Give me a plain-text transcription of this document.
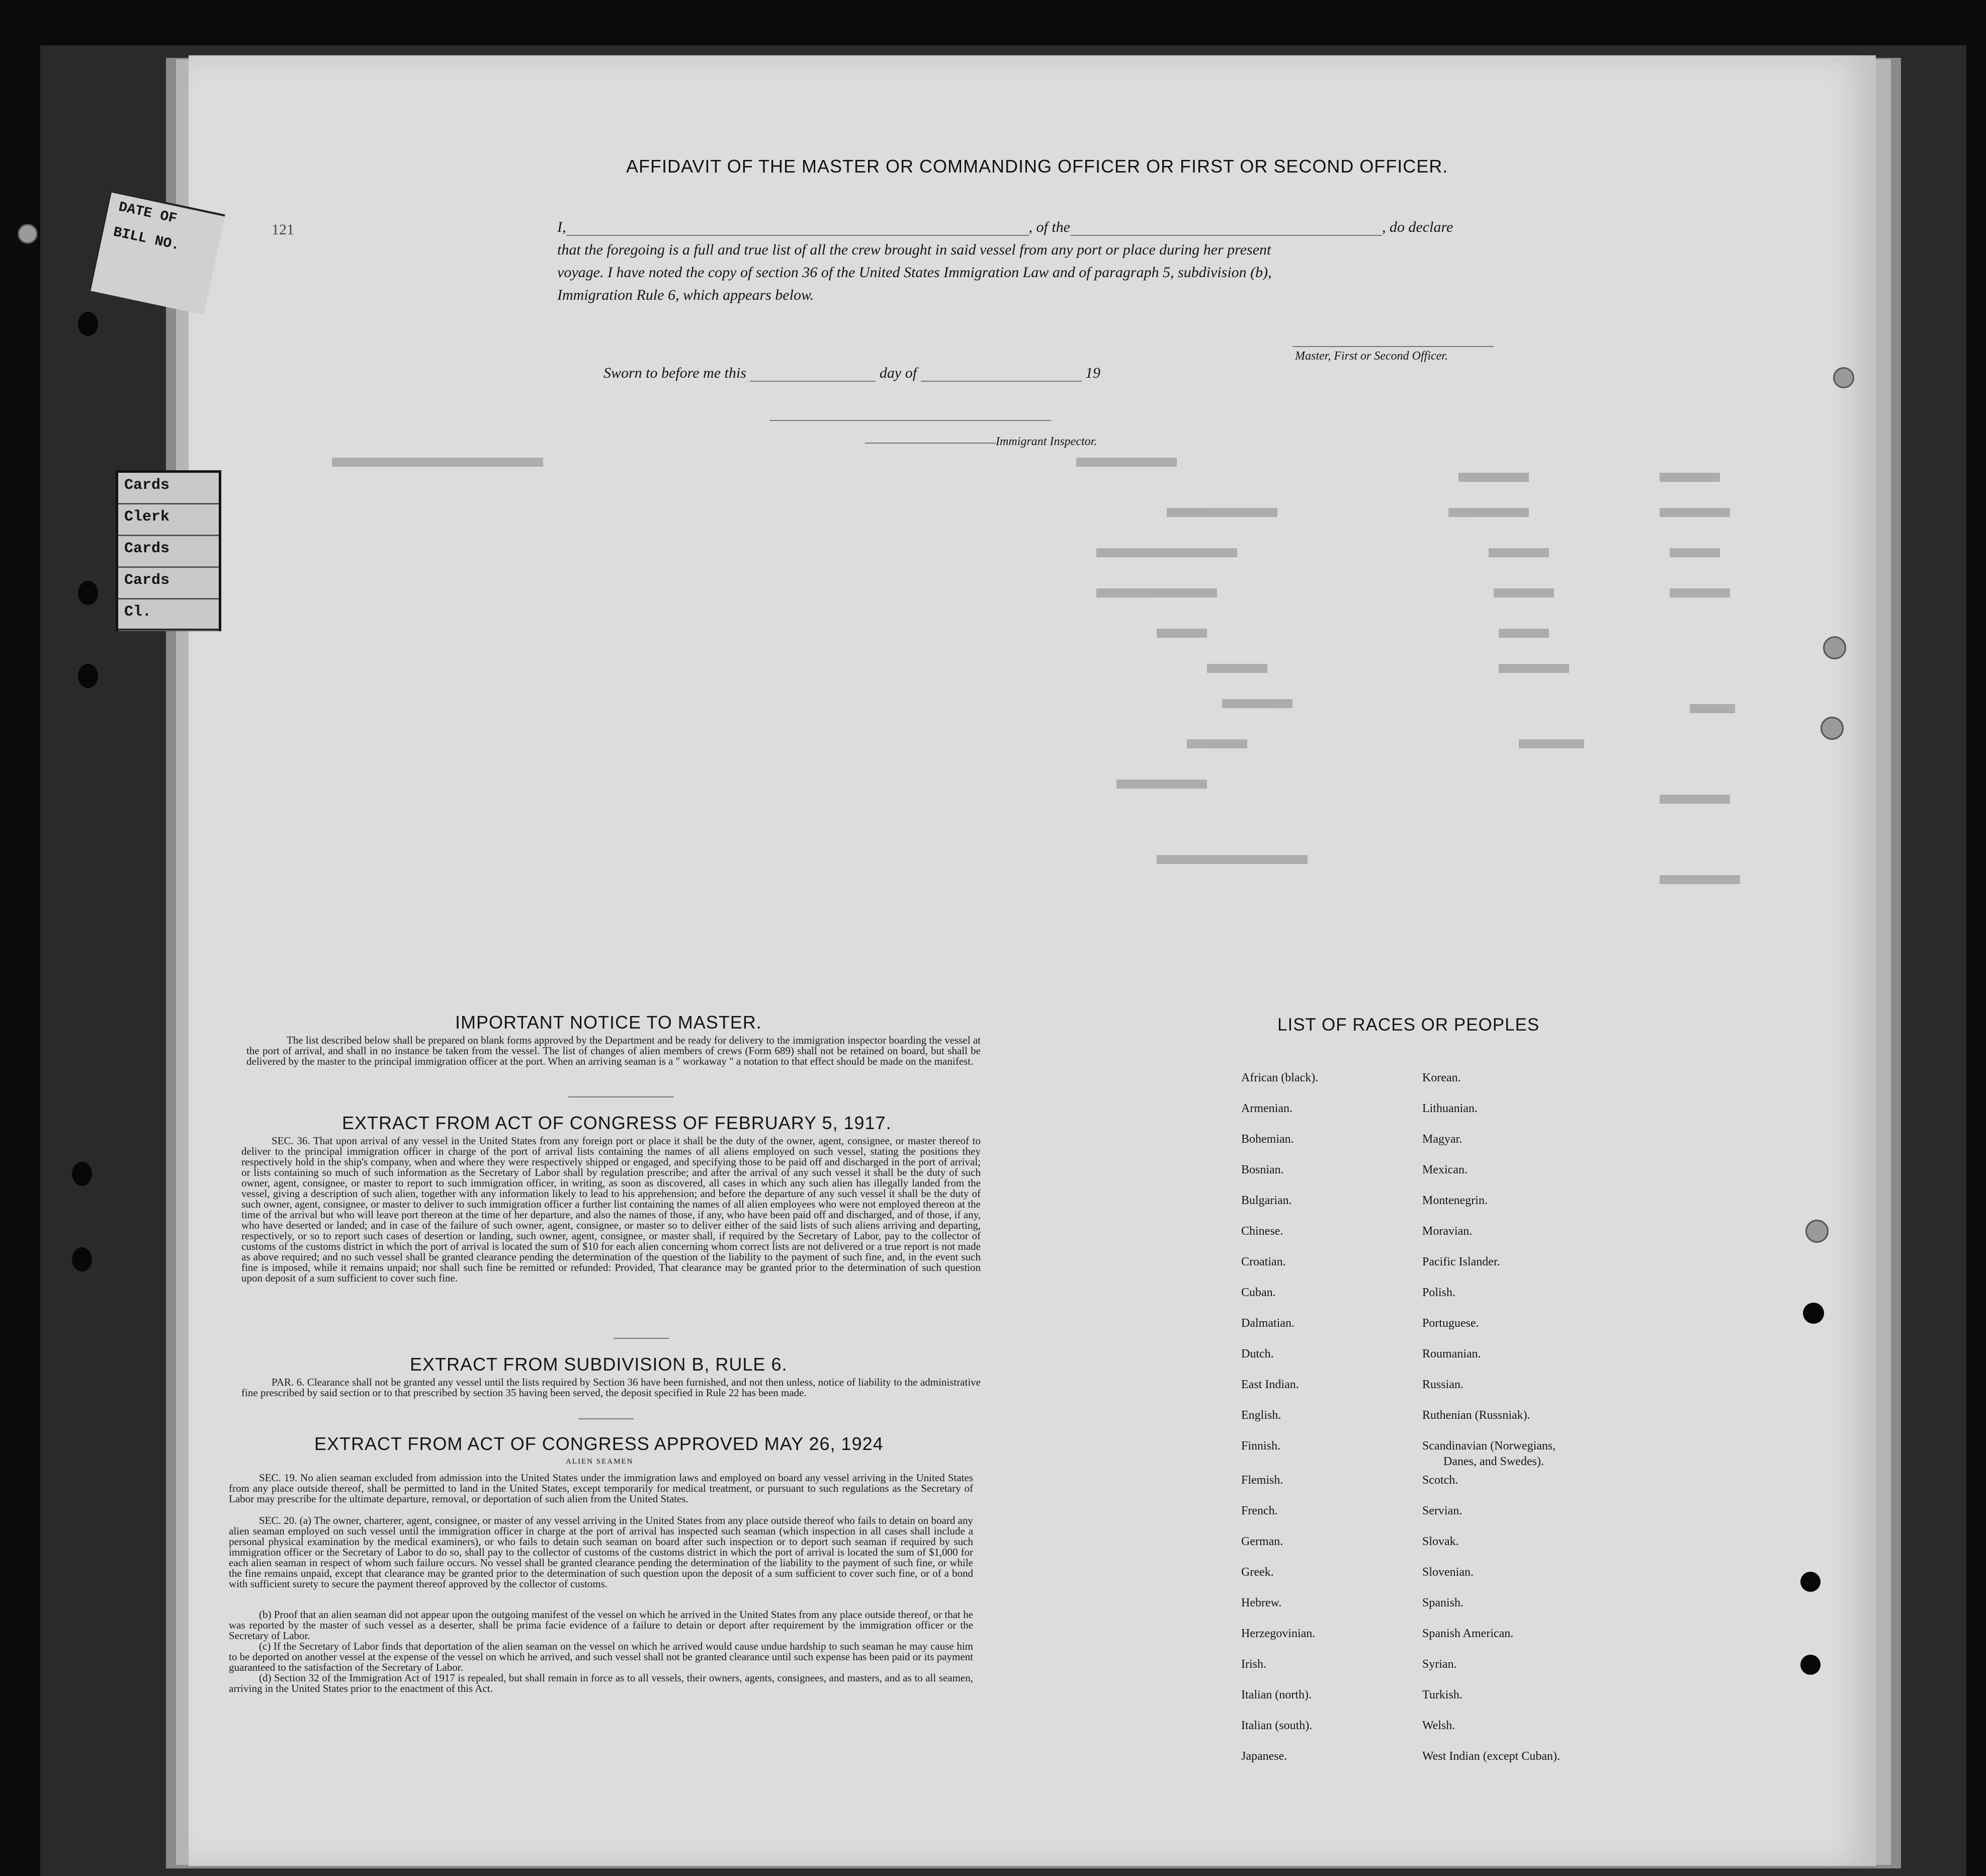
DATE OF
BILL NO.
Cards
Clerk
Cards
Cards
Cl.
121
AFFIDAVIT OF THE MASTER OR COMMANDING OFFICER OR FIRST OR SECOND OFFICER.
I,	, of the	, do declare
that the foregoing is a full and true list of all the crew brought in said vessel from any port or place during her present
voyage. I have noted the copy of section 36 of the United States Immigration Law and of paragraph 5, subdivision (b),
Immigration Rule 6, which appears below.
Master, First or Second Officer.
Sworn to before me this	day of	19
Immigrant Inspector.
IMPORTANT NOTICE TO MASTER.
The list described below shall be prepared on blank forms approved by the Department and be ready for delivery to the immigration inspector boarding the vessel at the port of arrival, and shall in no instance be taken from the vessel. The list of changes of alien members of crews (Form 689) shall not be retained on board, but shall be delivered by the master to the principal immigration officer at the port. When an arriving seaman is a " workaway " a notation to that effect should be made on the manifest.
EXTRACT FROM ACT OF CONGRESS OF FEBRUARY 5, 1917.
SEC. 36. That upon arrival of any vessel in the United States from any foreign port or place it shall be the duty of the owner, agent, consignee, or master thereof to deliver to the principal immigration officer in charge of the port of arrival lists containing the names of all aliens employed on such vessel, stating the positions they respectively hold in the ship's company, when and where they were respectively shipped or engaged, and specifying those to be paid off and discharged in the port of arrival; or lists containing so much of such information as the Secretary of Labor shall by regulation prescribe; and after the arrival of any such vessel it shall be the duty of such owner, agent, consignee, or master to report to such immigration officer, in writing, as soon as discovered, all cases in which any such alien has illegally landed from the vessel, giving a description of such alien, together with any information likely to lead to his apprehension; and before the departure of any such vessel it shall be the duty of such owner, agent, consignee, or master to deliver to such immigration officer a further list containing the names of all alien employees who were not employed thereon at the time of the arrival but who will leave port thereon at the time of her departure, and also the names of those, if any, who have been paid off and discharged, and of those, if any, who have deserted or landed; and in case of the failure of such owner, agent, consignee, or master so to deliver either of the said lists of such aliens arriving and departing, respectively, or so to report such cases of desertion or landing, such owner, agent, consignee, or master shall, if required by the Secretary of Labor, pay to the collector of customs of the customs district in which the port of arrival is located the sum of $10 for each alien concerning whom correct lists are not delivered or a true report is not made as above required; and no such vessel shall be granted clearance pending the determination of the question of the liability to the payment of such fine, and, in the event such fine is imposed, while it remains unpaid; nor shall such fine be remitted or refunded: Provided, That clearance may be granted prior to the determination of such question upon deposit of a sum sufficient to cover such fine.
EXTRACT FROM SUBDIVISION B, RULE 6.
PAR. 6. Clearance shall not be granted any vessel until the lists required by Section 36 have been furnished, and not then unless, notice of liability to the administrative fine prescribed by said section or to that prescribed by section 35 having been served, the deposit specified in Rule 22 has been made.
EXTRACT FROM ACT OF CONGRESS APPROVED MAY 26, 1924
ALIEN SEAMEN
SEC. 19. No alien seaman excluded from admission into the United States under the immigration laws and employed on board any vessel arriving in the United States from any place outside thereof, shall be permitted to land in the United States, except temporarily for medical treatment, or pursuant to such regulations as the Secretary of Labor may prescribe for the ultimate departure, removal, or deportation of such alien from the United States.
SEC. 20. (a) The owner, charterer, agent, consignee, or master of any vessel arriving in the United States from any place outside thereof who fails to detain on board any alien seaman employed on such vessel until the immigration officer in charge at the port of arrival has inspected such seaman (which inspection in all cases shall include a personal physical examination by the medical examiners), or who fails to detain such seaman on board after such inspection or to deport such seaman if required by such immigration officer or the Secretary of Labor to do so, shall pay to the collector of customs of the customs district in which the port of arrival is located the sum of $1,000 for each alien seaman in respect of whom such failure occurs. No vessel shall be granted clearance pending the determination of the liability to the payment of such fine, or while the fine remains unpaid, except that clearance may be granted prior to the determination of such question upon the deposit of a sum sufficient to cover such fine, or of a bond with sufficient surety to secure the payment thereof approved by the collector of customs.
(b) Proof that an alien seaman did not appear upon the outgoing manifest of the vessel on which he arrived in the United States from any place outside thereof, or that he was reported by the master of such vessel as a deserter, shall be prima facie evidence of a failure to detain or deport after requirement by the immigration officer or the Secretary of Labor.
(c) If the Secretary of Labor finds that deportation of the alien seaman on the vessel on which he arrived would cause undue hardship to such seaman he may cause him to be deported on another vessel at the expense of the vessel on which he arrived, and such vessel shall not be granted clearance until such expense has been paid or its payment guaranteed to the satisfaction of the Secretary of Labor.
(d) Section 32 of the Immigration Act of 1917 is repealed, but shall remain in force as to all vessels, their owners, agents, consignees, and masters, and as to all seamen, arriving in the United States prior to the enactment of this Act.
LIST OF RACES OR PEOPLES
African (black).
Armenian.
Bohemian.
Bosnian.
Bulgarian.
Chinese.
Croatian.
Cuban.
Dalmatian.
Dutch.
East Indian.
English.
Finnish.
Flemish.
French.
German.
Greek.
Hebrew.
Herzegovinian.
Irish.
Italian (north).
Italian (south).
Japanese.
Korean.
Lithuanian.
Magyar.
Mexican.
Montenegrin.
Moravian.
Pacific Islander.
Polish.
Portuguese.
Roumanian.
Russian.
Ruthenian (Russniak).
Scandinavian (Norwegians,
Danes, and Swedes).
Scotch.
Servian.
Slovak.
Slovenian.
Spanish.
Spanish American.
Syrian.
Turkish.
Welsh.
West Indian (except Cuban).
